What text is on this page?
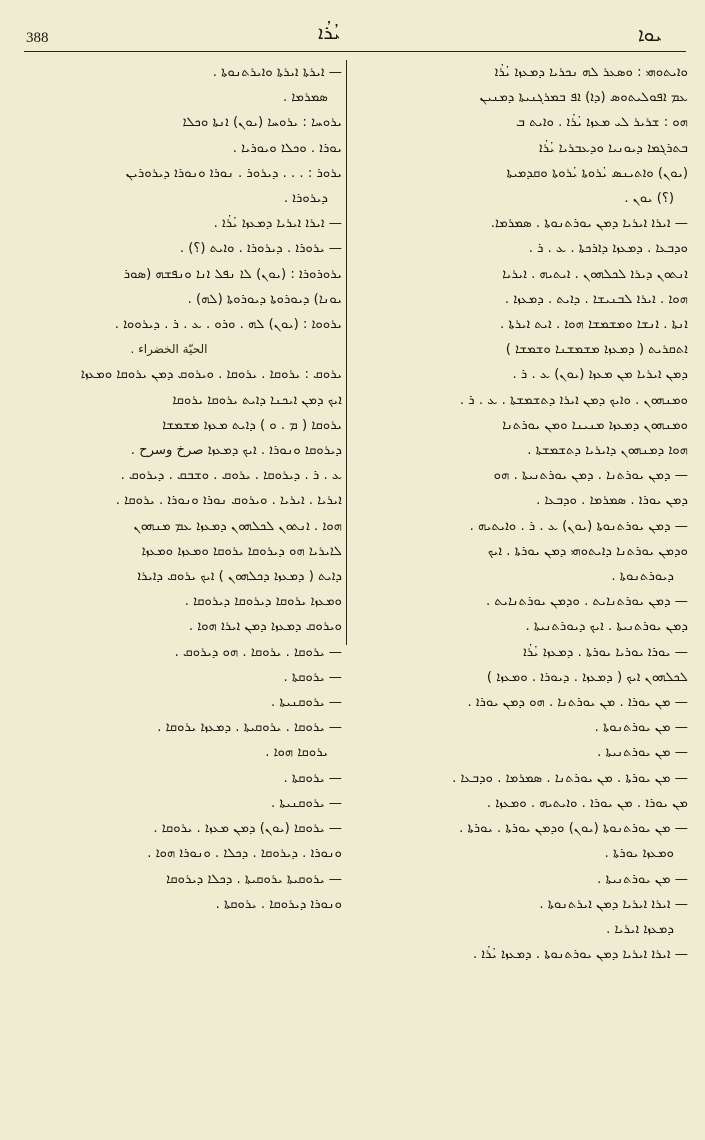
388	ܝܳܪܳܐ	ܝܘܐ
ܘܐܝܬܘܗܝ : ܘܣܥܪ ܠܗ ܢܟܪܝܐ ܕܡܥܙܐ ܝܳܪܳܐ
ܥܡ ܐܦܘܠܝܬܘܣ (ܕܐ) ܐܦ ܒܡܪܓܢܝܬܐ ܕܡܢܝܢ
ܗܘ : ܫܪܝܪ ܠܝ ܡܥܙܐ ܝܳܪܳܐ . ܘܐܝܬ ܒ
ܒܬܪܓܡܐ ܕܝܘܢܝܐ ܘܕܥܒܪܝܐ ܝܳܪܳܐ
(ܝܘܢ) ܘܐܬܝܢܣ ܝܳܪܘܬܐ ܝܳܪܘܬܐ ܘܩܕܡܝܬܐ
(؟) ܝܘܢ .
— ܐܝܪܐ ܐܝܪܝܐ ܕܡܢ ܝܘܪܬܢܘܬܐ . ܣܡܪܡܐ.
ܘܕܒܥܐ . ܕܡܥܙܐ ܕܐܪܟܬܐ . ܥ . ܪ .
ܐܢܬܘܢ ܕܝܪܐ ܠܟܠܗܘܢ . ܐܝܬܝܗ . ܐܝܪܝܐ
ܗܘܐ . ܐܝܪܐ ܠܒܢܝܫܐ . ܕܐܝܬ . ܕܡܥܙܐ .
ܐܢܬܐ . ܐܢܫܐ ܘܡܫܡܫܐ ܗܘܐ . ܐܝܬ ܐܝܪܬܐ .
ܐܬܩܪܝܬ ( ܕܡܥܙܐ ܡܫܡܫܢܐ ܘܫܡܫܐ )
ܕܡܢ ܐܝܪܝܐ ܡܢ ܡܥܙܐ (ܝܘܢ) ܥ . ܪ .
ܘܡܢܗܘܢ . ܘܐܝܟ ܕܡܢ ܐܝܪܐ ܕܬܫܡܫܬܐ . ܥ . ܪ .
ܘܡܢܗܘܢ ܕܡܥܙܐ ܡܢܝܢܐ ܘܡܢ ܝܘܪܬܢܐ
ܗܘܐ ܕܡܢܗܘܢ ܕܐܝܪܝܐ ܕܬܫܡܫܬܐ .
— ܕܡܢ ܝܘܪܬܢܐ . ܕܡܢ ܝܘܪܬܢܝܬܐ . ܗܘ
ܕܡܢ ܝܘܪܐ . ܣܡܪܡܐ . ܘܕܒܥܐ .
— ܕܡܢ ܝܘܪܬܢܘܬܐ (ܝܘܢ) ܥ . ܪ . ܘܐܝܬܝܗ .
ܘܕܡܢ ܝܘܪܬܢܐ ܕܐܝܬܘܗܝ ܕܡܢ ܝܘܪܬܐ . ܐܝܟ
ܕܝܘܪܬܢܘܬܐ .
— ܕܡܢ ܝܘܪܬܢܐܝܬ . ܘܕܡܢ ܝܘܪܬܢܐܝܬ .
ܕܡܢ ܝܘܪܬܢܝܬܐ . ܐܝܟ ܕܝܘܪܬܢܝܬܐ .
— ܝܘܪܐ ܝܘܪܝܐ ܝܘܪܬܐ . ܕܡܥܙܐ ܝܳܪܳܐ
ܠܟܠܗܘܢ ܐܝܟ ( ܕܡܥܙܐ . ܕܝܘܪܐ . ܘܡܥܙܐ )
— ܡܢ ܝܘܪܐ . ܡܢ ܝܘܪܬܢܐ . ܗܘ ܕܡܢ ܝܘܪܐ .
— ܡܢ ܝܘܪܬܢܘܬܐ .
— ܡܢ ܝܘܪܬܢܝܬܐ .
— ܡܢ ܝܘܪܬܐ . ܡܢ ܝܘܪܬܢܐ . ܣܡܪܡܐ . ܘܕܒܥܐ .
ܡܢ ܝܘܪܐ . ܡܢ ܝܘܪܐ . ܘܐܝܬܝܗ . ܘܡܥܙܐ .
— ܡܢ ܝܘܪܬܢܘܬܐ (ܝܘܢ) ܘܕܡܢ ܝܘܪܬܐ . ܝܘܪܬܐ .
ܘܡܥܙܐ ܝܘܪܬܐ .
— ܡܢ ܝܘܪܬܢܝܬܐ .
— ܐܝܪܐ ܐܝܪܝܐ ܕܡܢ ܐܝܪܬܢܘܬܐ .
ܕܡܥܙܐ ܐܝܪܝܐ .
— ܐܝܪܐ ܐܝܪܝܐ ܕܡܢ ܝܘܪܬܢܘܬܐ . ܕܡܥܙܐ ܝܳܪܳܐ .
— ܐܝܪܬܐ ܐܝܪܬܐ ܘܐܝܪܬܢܘܬܐ .
ܣܡܪܡܐ .
ܝܪܘܚܐ : ܝܪܘܚܐ (ܝܘܢ) ܐܢܬܐ ܘܟܠܐ
ܝܘܪܐ . ܘܟܠܐ ܘܝܘܪܝܐ .
ܝܪܘܪ : . . . ܕܝܪܘܪ . ܢܘܪܐ ܘܢܘܪܐ ܕܝܪܘܪܝܢ
ܕܝܪܘܪܐ .
— ܐܝܪܐ ܐܝܪܝܐ ܕܡܥܙܐ ܝܳܪܳܐ .
— ܝܪܘܪܐ . ܕܝܪܘܪܐ . ܘܐܝܬ (؟) .
ܝܪܘܪܘܪܐ : (ܝܘܢ) ܠܐ ܢܦܠ ܐܢܐ ܘܢܦܫܗ (ܣܘܪ
ܝܘܢܐ) ܕܝܘܪܘܬܐ ܕܝܘܪܘܬܐ (ܠܗ) .
ܝܪܘܘܐ : (ܝܘܢ) ܠܗ . ܘܪܘ . ܥ . ܪ . ܕܝܪܘܘܐ .
الحيّة الخضراء .
ܝܪܘܩ : ܝܪܘܩܐ . ܝܪܘܩܐ . ܘܝܪܘܩ ܕܡܢ ܝܪܘܩܐ ܘܡܥܙܐ
ܐܝܟ ܕܡܢ ܐܝܟܢܐ ܕܐܝܬ ܝܪܘܩܐ ܝܪܘܩܐ
ܝܪܘܩܐ ( ܡ . ܘ ) ܕܐܝܬ ܡܥܙܐ ܡܫܡܫܐ
ܕܝܪܘܩܐ ܘܢܘܪܐ . ܐܝܟ ܕܡܥܙܐ صرخ وسرح .
ܥ . ܪ . ܕܝܪܘܩܐ . ܝܪܘܩ . ܘܫܒܩ . ܕܝܪܘܩ .
ܐܝܪܝܐ . ܐܝܪܝܐ . ܘܝܪܘܩ ܢܘܪܐ ܘܢܘܪܐ . ܝܪܘܩܐ .
ܗܘܐ . ܐܢܬܘܢ ܠܟܠܗܘܢ ܕܡܥܙܐ ܥܡ ܡܢܗܘܢ
ܠܐܝܪܝܐ ܗܘ ܕܝܪܘܩܐ ܝܪܘܩܐ ܘܡܥܙܐ ܘܡܥܙܐ
ܕܐܝܬ ( ܕܡܥܙܐ ܕܟܠܗܘܢ ) ܐܝܟ ܝܪܘܩ ܕܐܝܪܐ
ܘܡܥܙܐ ܝܪܘܩܐ ܕܝܪܘܩܐ ܕܝܪܘܩܐ .
ܘܝܪܘܩ ܕܡܥܙܐ ܕܡܢ ܐܝܪܐ ܗܘܐ .
— ܝܪܘܩܐ . ܝܪܘܩܐ . ܗܘ ܕܝܪܘܩ .
— ܝܪܘܩܬܐ .
— ܝܪܘܩܢܝܬܐ .
— ܝܪܘܩܐ . ܝܪܘܩܝܬܐ . ܕܡܥܙܐ ܝܪܘܩܐ .
ܝܪܘܩܐ ܗܘܐ .
— ܝܪܘܩܬܐ .
— ܝܪܘܩܢܝܬܐ .
— ܝܪܘܩܐ (ܝܘܢ) ܕܡܢ ܡܥܙܐ . ܝܪܘܩܐ .
ܘܢܘܪܐ . ܕܝܪܘܩܐ . ܕܟܠܐ . ܘܢܘܪܐ ܗܘܐ .
— ܝܪܘܩܝܬܐ ܝܪܘܩܝܬܐ . ܕܟܠܐ ܕܝܪܘܩܐ
ܘܢܘܪܐ ܕܝܪܘܩܐ . ܝܪܘܩܬܐ .
